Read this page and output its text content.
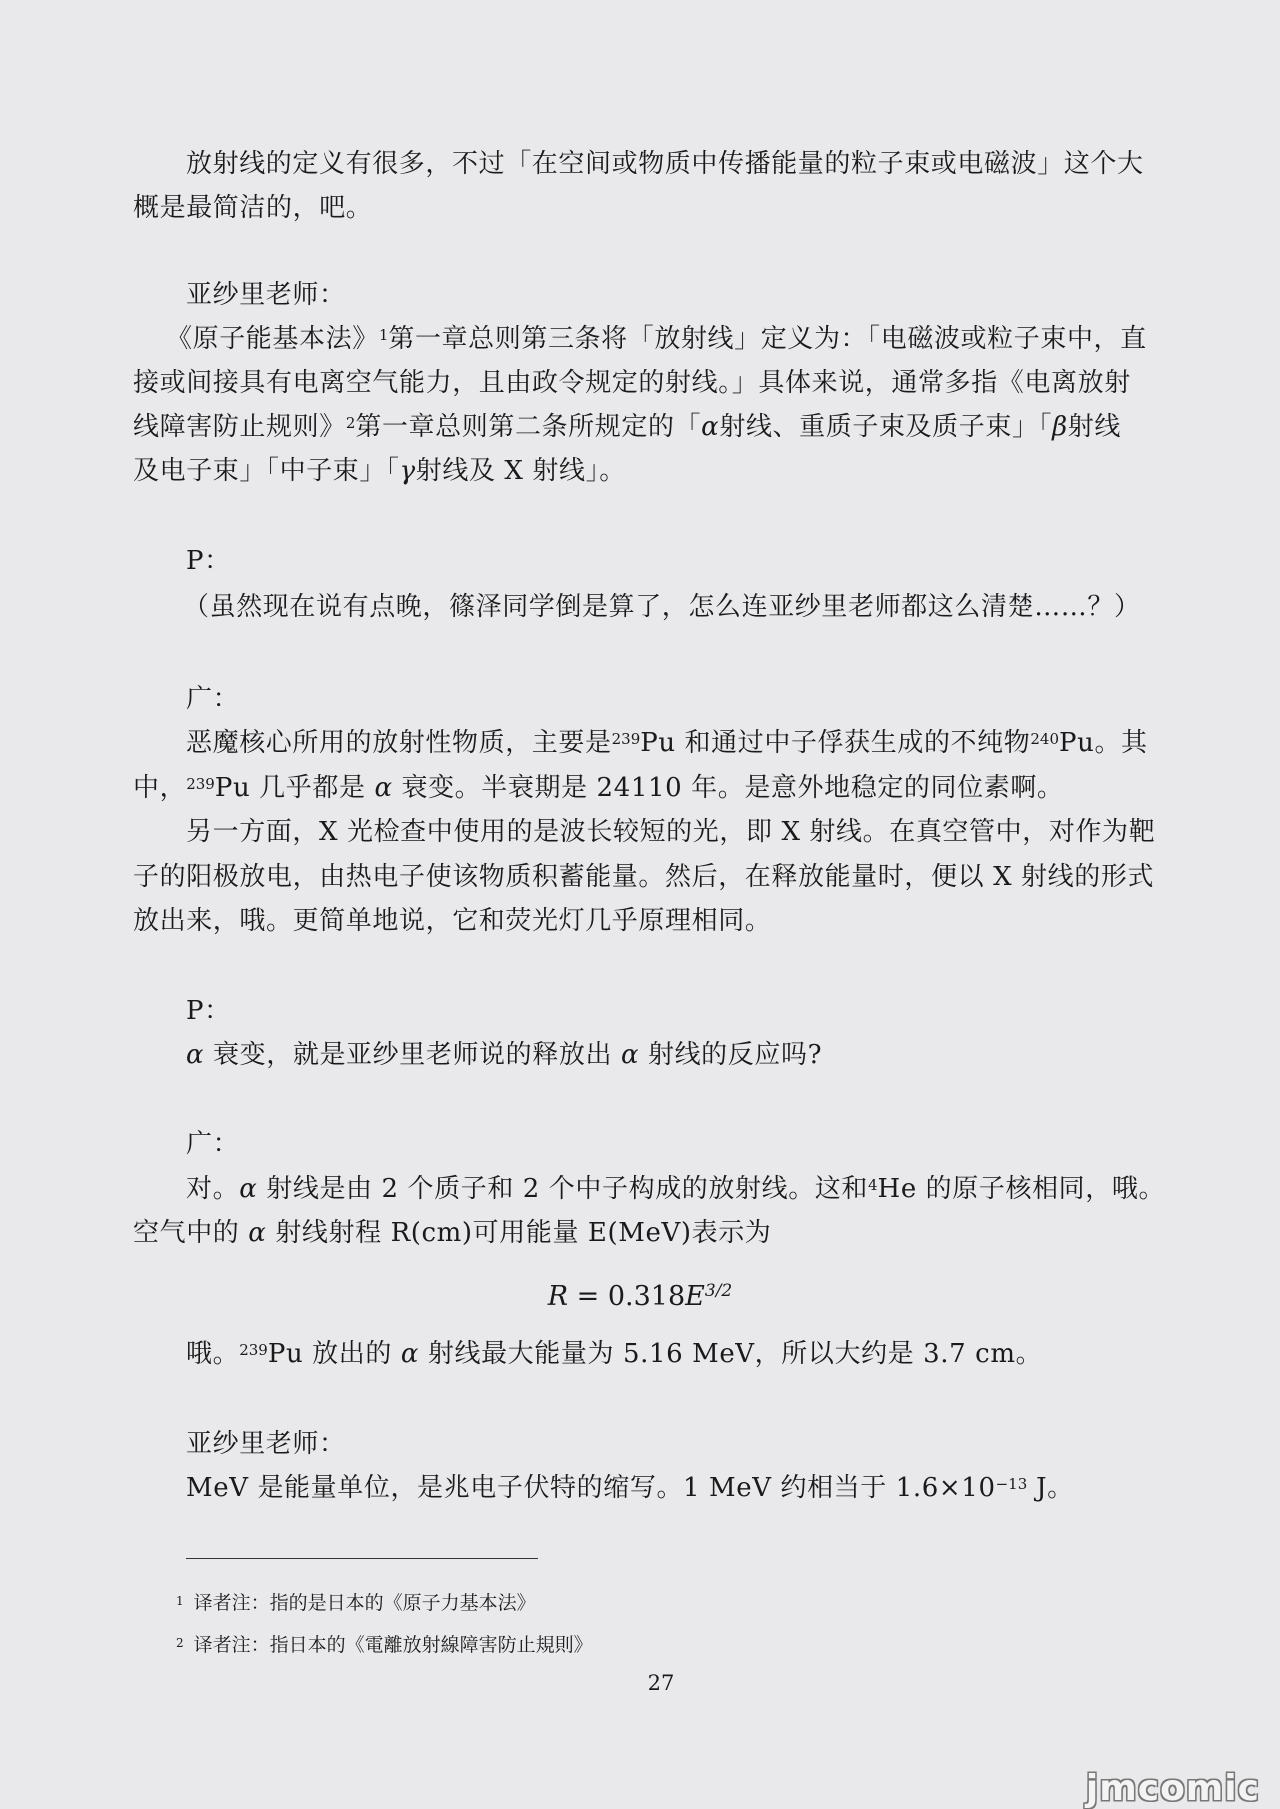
放射线的定义有很多，不过「在空间或物质中传播能量的粒子束或电磁波」这个大
概是最简洁的，吧。
亚纱里老师：
《原子能基本法》$^1$第一章总则第三条将「放射线」定义为：「电磁波或粒子束中，直
接或间接具有电离空气能力，且由政令规定的射线。」具体来说，通常多指《电离放射
线障害防止规则》$^2$第一章总则第二条所规定的「α射线、重质子束及质子束」「β射线
及电子束」「中子束」「γ射线及 X 射线」。
P：
（虽然现在说有点晚，篠泽同学倒是算了，怎么连亚纱里老师都这么清楚……？）
广：
恶魔核心所用的放射性物质，主要是$^{239}$Pu 和通过中子俘获生成的不纯物$^{240}$Pu。其
中，$^{239}$Pu 几乎都是 α 衰变。半衰期是 24110 年。是意外地稳定的同位素啊。
另一方面，X 光检查中使用的是波长较短的光，即 X 射线。在真空管中，对作为靶
子的阳极放电，由热电子使该物质积蓄能量。然后，在释放能量时，便以 X 射线的形式
放出来，哦。更简单地说，它和荧光灯几乎原理相同。
P：
α 衰变，就是亚纱里老师说的释放出 α 射线的反应吗?
广：
对。α 射线是由 2 个质子和 2 个中子构成的放射线。这和$^4$He 的原子核相同，哦。
空气中的 α 射线射程 R(cm)可用能量 E(MeV)表示为
$R = 0.318E^{3/2}$
哦。$^{239}$Pu 放出的 α 射线最大能量为 5.16 MeV，所以大约是 3.7 cm。
亚纱里老师：
MeV 是能量单位，是兆电子伏特的缩写。1 MeV 约相当于 $1.6\times 10^{-13}$ J。
$^1$ 译者注：指的是日本的《原子力基本法》
$^2$ 译者注：指日本的《電離放射線障害防止規則》
27
jmcomic
